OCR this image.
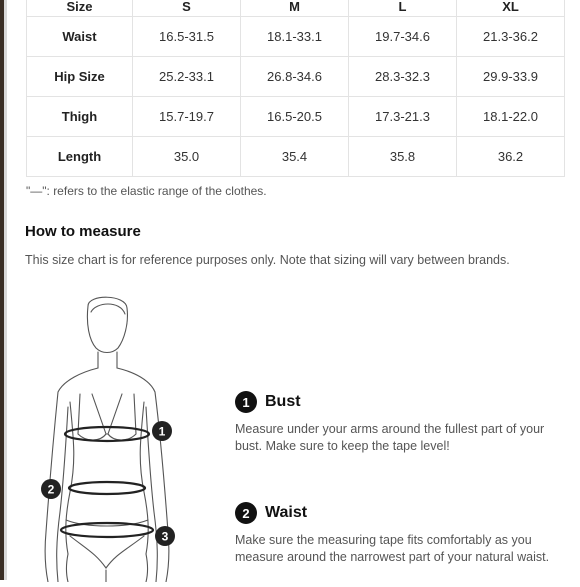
Size	S	M	L	XL
Waist	16.5-31.5	18.1-33.1	19.7-34.6	21.3-36.2
Hip Size	25.2-33.1	26.8-34.6	28.3-32.3	29.9-33.9
Thigh	15.7-19.7	16.5-20.5	17.3-21.3	18.1-22.0
Length	35.0	35.4	35.8	36.2
"—": refers to the elastic range of the clothes.
How to measure
This size chart is for reference purposes only. Note that sizing will vary between brands.
1
2
3
1 Bust
Measure under your arms around the fullest part of your bust. Make sure to keep the tape level!
2 Waist
Make sure the measuring tape fits comfortably as you measure around the narrowest part of your natural waist.
